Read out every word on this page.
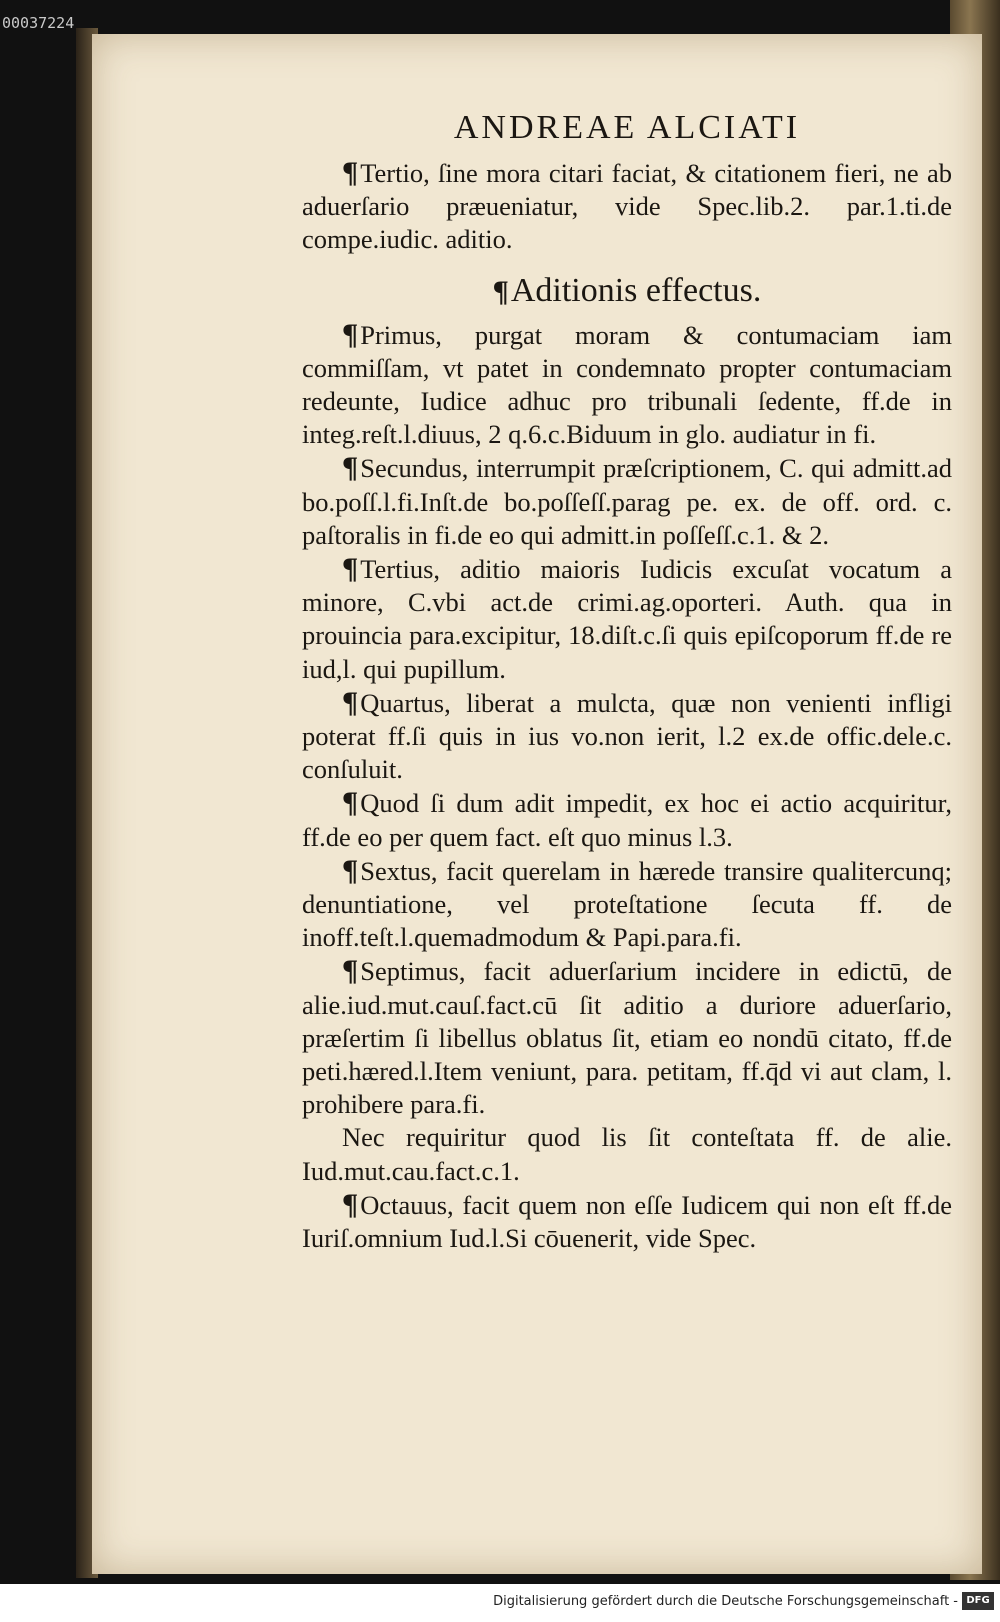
00037224
ANDREAE ALCIATI

¶Tertio, ſine mora citari faciat, & citationem fieri, ne ab aduerſario præueniatur, vide Spec.lib.2. par.1.ti.de compe.iudic. aditio.

¶Aditionis effectus.

¶Primus, purgat moram & contumaciam iam commiſſam, vt patet in condemnato propter contumaciam redeunte, Iudice adhuc pro tribunali ſedente, ff.de in integ.reſt.l.diuus, 2 q.6.c.Biduum in glo. audiatur in fi.

¶Secundus, interrumpit præſcriptionem, C. qui admitt.ad bo.poſſ.l.fi.Inſt.de bo.poſſeſſ.parag pe. ex. de off. ord. c. paſtoralis in fi.de eo qui admitt.in poſſeſſ.c.1. & 2.

¶Tertius, aditio maioris Iudicis excuſat vocatum a minore, C.vbi act.de crimi.ag.oporteri. Auth. qua in prouincia para.excipitur, 18.diſt.c.ſi quis epiſcoporum ff.de re iud,l. qui pupillum.

¶Quartus, liberat a mulcta, quæ non venienti infligi poterat ff.ſi quis in ius vo.non ierit, l.2 ex.de offic.dele.c. conſuluit.

¶Quod ſi dum adit impedit, ex hoc ei actio acquiritur, ff.de eo per quem fact. eſt quo minus l.3.

¶Sextus, facit querelam in hærede transire qualitercunq; denuntiatione, vel proteſtatione ſecuta ff. de inoff.teſt.l.quemadmodum & Papi.para.fi.

¶Septimus, facit aduerſarium incidere in edictū, de alie.iud.mut.cauſ.fact.cū ſit aditio a duriore aduerſario, præſertim ſi libellus oblatus ſit, etiam eo nondū citato, ff.de peti.hæred.l.Item veniunt, para. petitam, ff.q̄d vi aut clam, l. prohibere para.fi.

Nec requiritur quod lis ſit conteſtata ff. de alie. Iud.mut.cau.fact.c.1.

¶Octauus, facit quem non eſſe Iudicem qui non eſt ff.de Iuriſ.omnium Iud.l.Si cōuenerit, vide Spec.

Digitalisierung gefördert durch die Deutsche Forschungsgemeinschaft - DFG
